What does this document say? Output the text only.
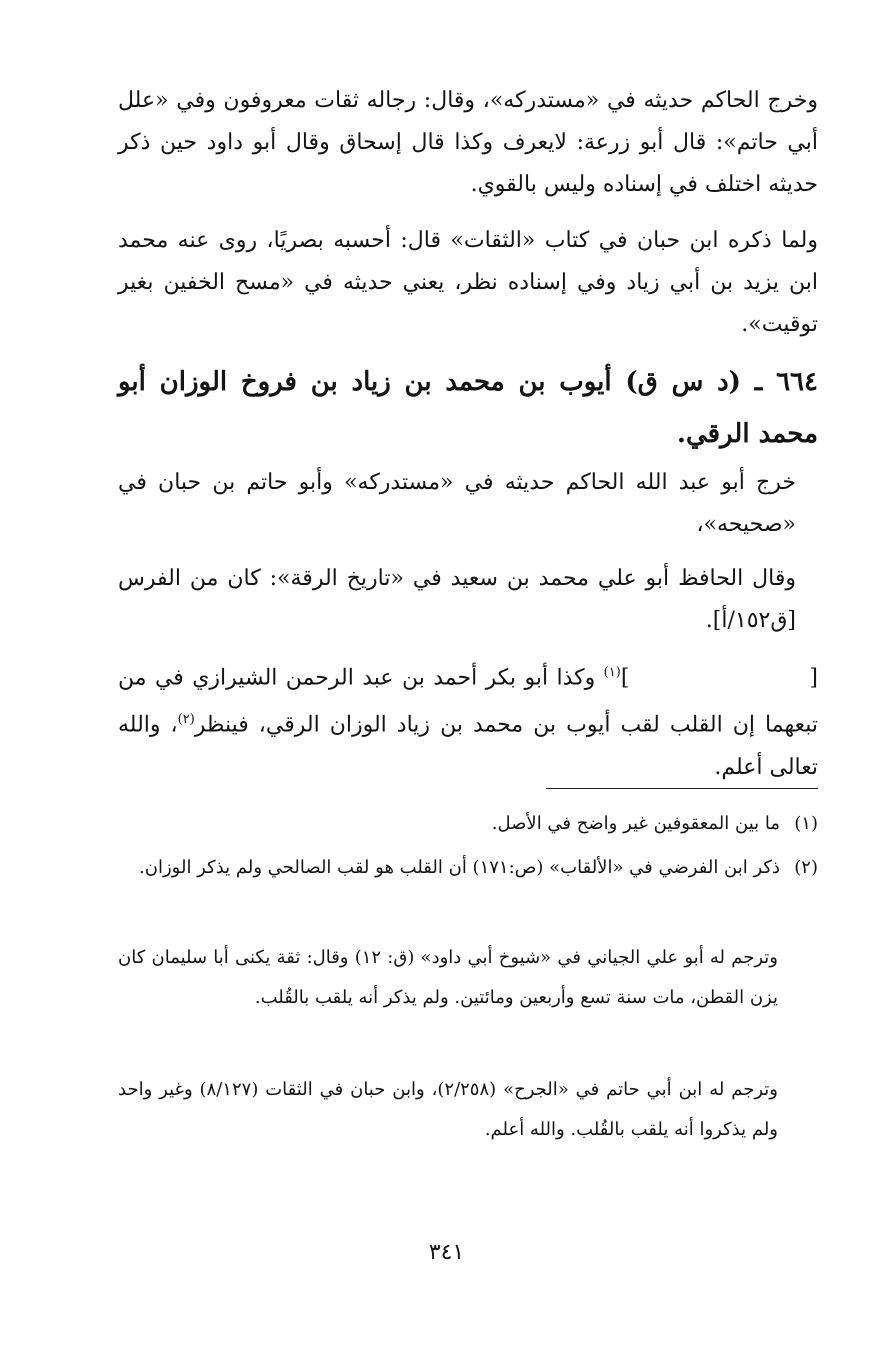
وخرج الحاكم حديثه في «مستدركه»، وقال: رجاله ثقات معروفون وفي «علل أبي حاتم»: قال أبو زرعة: لايعرف وكذا قال إسحاق وقال أبو داود حين ذكر حديثه اختلف في إسناده وليس بالقوي.

ولما ذكره ابن حبان في كتاب «الثقات» قال: أحسبه بصريًا، روى عنه محمد ابن يزيد بن أبي زياد وفي إسناده نظر، يعني حديثه في «مسح الخفين بغير توقيت».

٦٦٤ ـ (د س ق) أيوب بن محمد بن زياد بن فروخ الوزان أبو محمد الرقي.

خرج أبو عبد الله الحاكم حديثه في «مستدركه» وأبو حاتم بن حبان في «صحيحه»،

وقال الحافظ أبو علي محمد بن سعيد في «تاريخ الرقة»: كان من الفرس [ق١٥٢/أ].

[]$^{(١)}$ وكذا أبو بكر أحمد بن عبد الرحمن الشيرازي في من تبعهما إن القلب لقب أيوب بن محمد بن زياد الوزان الرقي، فينظر$^{(٢)}$، والله تعالى أعلم.

(١)ما بين المعقوفين غير واضح في الأصل.

(٢)ذكر ابن الفرضي في «الألقاب» (ص:١٧١) أن القلب هو لقب الصالحي ولم يذكر الوزان.

وترجم له أبو علي الجياني في «شيوخ أبي داود» (ق: ١٢) وقال: ثقة يكنى أبا سليمان كان يزن القطن، مات سنة تسع وأربعين ومائتين. ولم يذكر أنه يلقب بالقُلب.

وترجم له ابن أبي حاتم في «الجرح» (٢/٢٥٨)، وابن حبان في الثقات (٨/١٢٧) وغير واحد ولم يذكروا أنه يلقب بالقُلب. والله أعلم.

٣٤١
